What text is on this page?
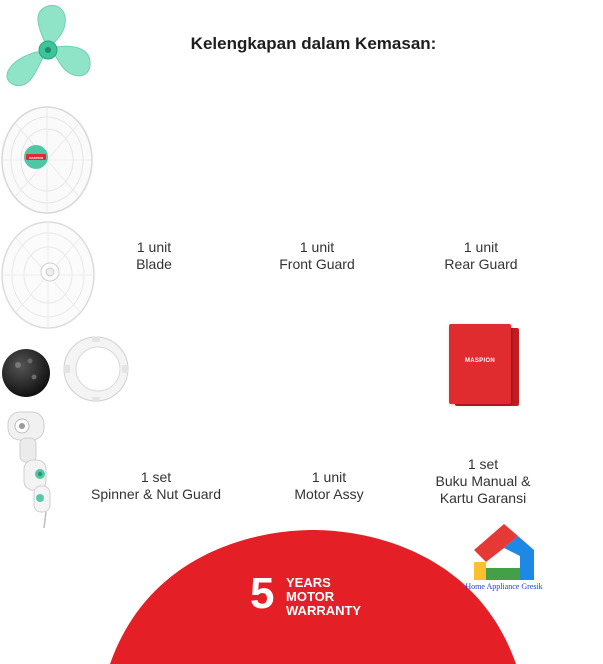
Kelengkapan dalam Kemasan:
1 unit
Blade
MASPION
1 unit
Front Guard
1 unit
Rear Guard
1 set
Spinner & Nut Guard
1 unit
Motor Assy
MASPION
1 set
Buku Manual &
Kartu Garansi
5 YEARS
MOTOR
WARRANTY
Home Appliance Gresik
